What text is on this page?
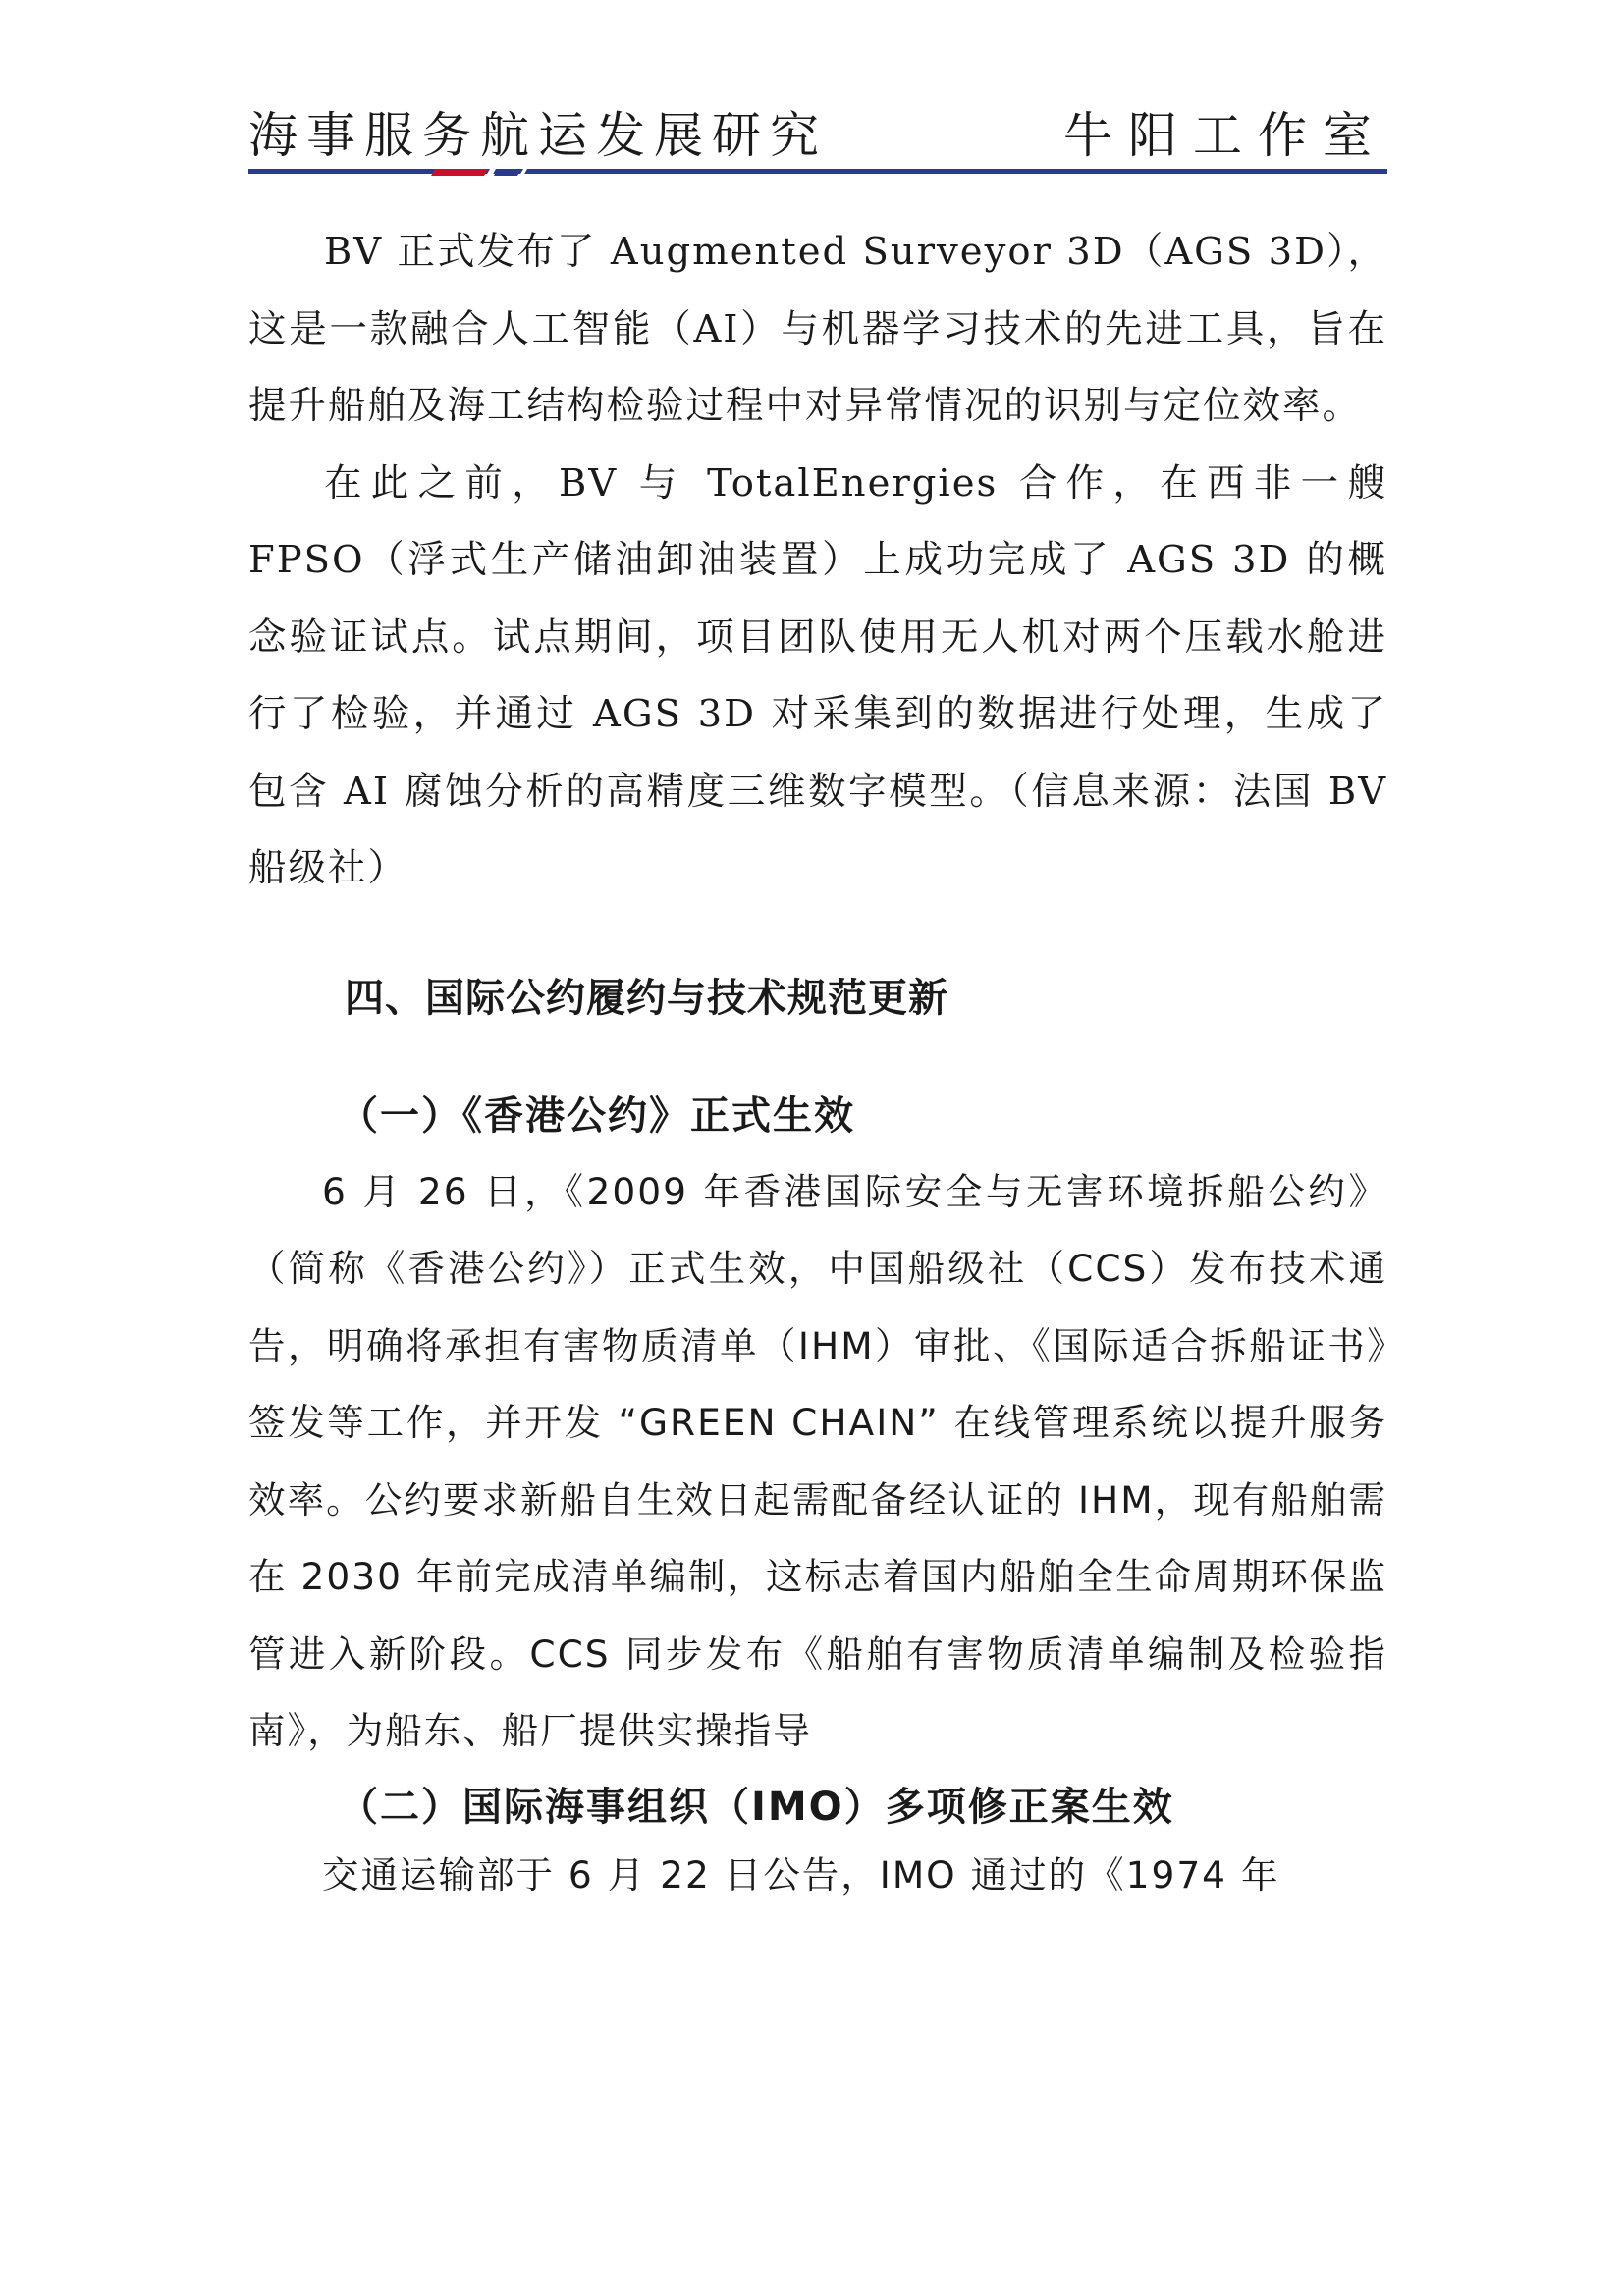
海事服务航运发展研究	牛阳工作室

BV 正式发布了 Augmented Surveyor 3D（AGS 3D），这是一款融合人工智能（AI）与机器学习技术的先进工具，旨在提升船舶及海工结构检验过程中对异常情况的识别与定位效率。

在此之前，BV 与 TotalEnergies 合作，在西非一艘 FPSO（浮式生产储油卸油装置）上成功完成了 AGS 3D 的概念验证试点。试点期间，项目团队使用无人机对两个压载水舱进行了检验，并通过 AGS 3D 对采集到的数据进行处理，生成了包含 AI 腐蚀分析的高精度三维数字模型。（信息来源：法国 BV 船级社）

四、国际公约履约与技术规范更新
（一）《香港公约》正式生效

6 月 26 日，《2009 年香港国际安全与无害环境拆船公约》（简称《香港公约》）正式生效，中国船级社（CCS）发布技术通告，明确将承担有害物质清单（IHM）审批、《国际适合拆船证书》签发等工作，并开发 “GREEN CHAIN” 在线管理系统以提升服务效率。公约要求新船自生效日起需配备经认证的 IHM，现有船舶需在 2030 年前完成清单编制，这标志着国内船舶全生命周期环保监管进入新阶段。CCS 同步发布《船舶有害物质清单编制及检验指南》，为船东、船厂提供实操指导

（二）国际海事组织（IMO）多项修正案生效

交通运输部于 6 月 22 日公告，IMO 通过的《1974 年
